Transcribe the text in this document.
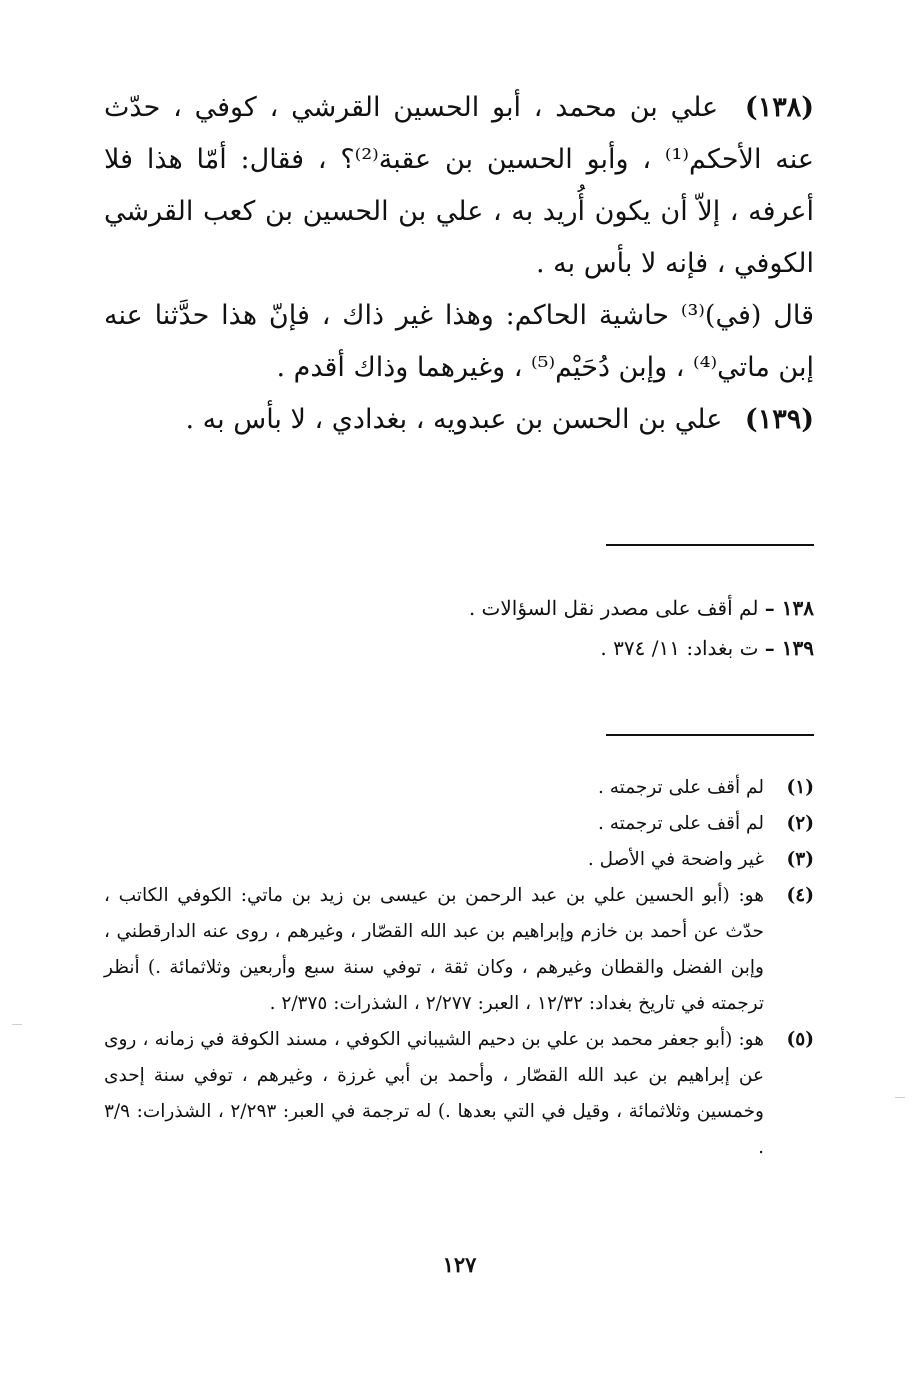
(١٣٨) علي بن محمد ، أبو الحسين القرشي ، كوفي ، حدّث عنه الأحكم⁽¹⁾ ، وأبو الحسين بن عقبة⁽²⁾؟ ، فقال: أمّا هذا فلا أعرفه ، إلاّ أن يكون أُريد به ، علي بن الحسين بن كعب القرشي الكوفي ، فإنه لا بأس به .
قال (في)⁽³⁾ حاشية الحاكم: وهذا غير ذاك ، فإنّ هذا حدَّثنا عنه إبن ماتي⁽⁴⁾ ، وإبن دُحَيْم⁽⁵⁾ ، وغيرهما وذاك أقدم .
(١٣٩) علي بن الحسن بن عبدويه ، بغدادي ، لا بأس به .
١٣٨ – لم أقف على مصدر نقل السؤالات .
١٣٩ – ت بغداد: ١١/ ٣٧٤ .
(١)
لم أقف على ترجمته .
(٢)
لم أقف على ترجمته .
(٣)
غير واضحة في الأصل .
(٤)
هو: (أبو الحسين علي بن عبد الرحمن بن عيسى بن زيد بن ماتي: الكوفي الكاتب ، حدّث عن أحمد بن خازم وإبراهيم بن عبد الله القصّار ، وغيرهم ، روى عنه الدارقطني ، وإبن الفضل والقطان وغيرهم ، وكان ثقة ، توفي سنة سبع وأربعين وثلاثمائة .) أنظر ترجمته في تاريخ بغداد: ١٢/٣٢ ، العبر: ٢/٢٧٧ ، الشذرات: ٢/٣٧٥ .
(٥)
هو: (أبو جعفر محمد بن علي بن دحيم الشيباني الكوفي ، مسند الكوفة في زمانه ، روى عن إبراهيم بن عبد الله القصّار ، وأحمد بن أبي غرزة ، وغيرهم ، توفي سنة إحدى وخمسين وثلاثمائة ، وقيل في التي بعدها .) له ترجمة في العبر: ٢/٢٩٣ ، الشذرات: ٣/٩ .
١٢٧
